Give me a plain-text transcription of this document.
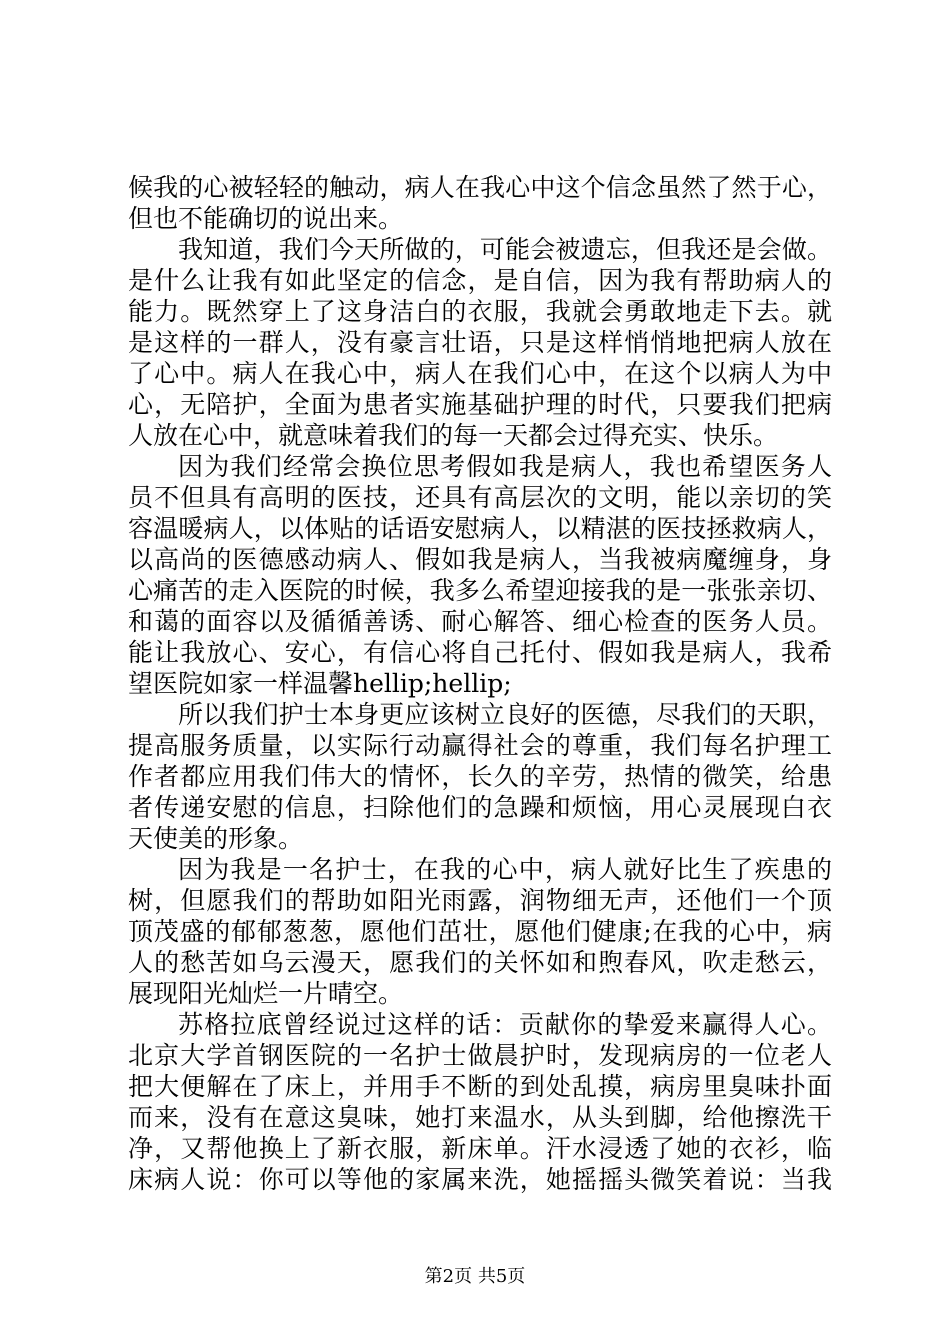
候我的心被轻轻的触动，病人在我心中这个信念虽然了然于心，
但也不能确切的说出来。
我知道，我们今天所做的，可能会被遗忘，但我还是会做。
是什么让我有如此坚定的信念，是自信，因为我有帮助病人的
能力。既然穿上了这身洁白的衣服，我就会勇敢地走下去。就
是这样的一群人，没有豪言壮语，只是这样悄悄地把病人放在
了心中。病人在我心中，病人在我们心中，在这个以病人为中
心，无陪护，全面为患者实施基础护理的时代，只要我们把病
人放在心中，就意味着我们的每一天都会过得充实、快乐。
因为我们经常会换位思考假如我是病人，我也希望医务人
员不但具有高明的医技，还具有高层次的文明，能以亲切的笑
容温暖病人，以体贴的话语安慰病人，以精湛的医技拯救病人，
以高尚的医德感动病人、假如我是病人，当我被病魔缠身，身
心痛苦的走入医院的时候，我多么希望迎接我的是一张张亲切、
和蔼的面容以及循循善诱、耐心解答、细心检查的医务人员。
能让我放心、安心，有信心将自己托付、假如我是病人，我希
望医院如家一样温馨hellip;hellip;
所以我们护士本身更应该树立良好的医德，尽我们的天职，
提高服务质量，以实际行动赢得社会的尊重，我们每名护理工
作者都应用我们伟大的情怀，长久的辛劳，热情的微笑，给患
者传递安慰的信息，扫除他们的急躁和烦恼，用心灵展现白衣
天使美的形象。
因为我是一名护士，在我的心中，病人就好比生了疾患的
树，但愿我们的帮助如阳光雨露，润物细无声，还他们一个顶
顶茂盛的郁郁葱葱，愿他们茁壮，愿他们健康;在我的心中，病
人的愁苦如乌云漫天，愿我们的关怀如和煦春风，吹走愁云，
展现阳光灿烂一片晴空。
苏格拉底曾经说过这样的话：贡献你的挚爱来赢得人心。
北京大学首钢医院的一名护士做晨护时，发现病房的一位老人
把大便解在了床上，并用手不断的到处乱摸，病房里臭味扑面
而来，没有在意这臭味，她打来温水，从头到脚，给他擦洗干
净，又帮他换上了新衣服，新床单。汗水浸透了她的衣衫，临
床病人说：你可以等他的家属来洗，她摇摇头微笑着说：当我
第2页 共5页
